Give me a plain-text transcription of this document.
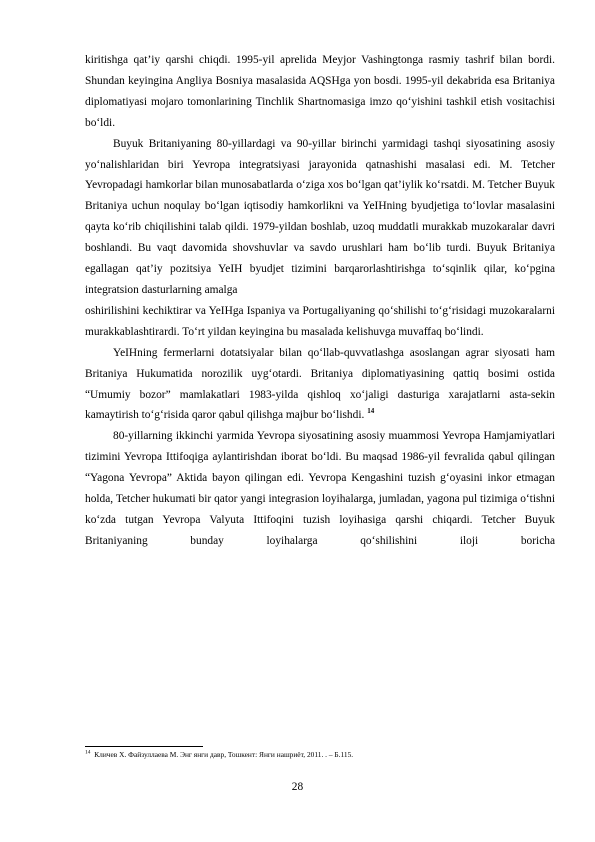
kiritishga qat’iy qarshi chiqdi. 1995-yil aprelida Meyjor Vashingtonga rasmiy tashrif bilan bordi. Shundan keyingina Angliya Bosniya masalasida AQSHga yon bosdi. 1995-yil dekabrida esa Britaniya diplomatiyasi mojaro tomonlarining Tinchlik Shartnomasiga imzo qo‘yishini tashkil etish vositachisi bo‘ldi.

Buyuk Britaniyaning 80-yillardagi va 90-yillar birinchi yarmidagi tashqi siyosatining asosiy yo‘nalishlaridan biri Yevropa integratsiyasi jarayonida qatnashishi masalasi edi. M. Tetcher Yevropadagi hamkorlar bilan munosabatlarda o‘ziga xos bo‘lgan qat’iylik ko‘rsatdi. M. Tetcher Buyuk Britaniya uchun noqulay bo‘lgan iqtisodiy hamkorlikni va YeIHning byudjetiga to‘lovlar masalasini qayta ko‘rib chiqilishini talab qildi. 1979-yildan boshlab, uzoq muddatli murakkab muzokaralar davri boshlandi. Bu vaqt davomida shovshuvlar va savdo urushlari ham bo‘lib turdi. Buyuk Britaniya egallagan qat’iy pozitsiya YeIH byudjet tizimini barqarorlashtirishga to‘sqinlik qilar, ko‘pgina integratsion dasturlarning amalga

oshirilishini kechiktirar va YeIHga Ispaniya va Portugaliyaning qo‘shilishi to‘g‘risidagi muzokaralarni murakkablashtirardi. To‘rt yildan keyingina bu masalada kelishuvga muvaffaq bo‘lindi.

YeIHning fermerlarni dotatsiyalar bilan qo‘llab-quvvatlashga asoslangan agrar siyosati ham Britaniya Hukumatida norozilik uyg‘otardi. Britaniya diplomatiyasining qattiq bosimi ostida “Umumiy bozor” mamlakatlari 1983-yilda qishloq xo‘jaligi dasturiga xarajatlarni asta-sekin kamaytirish to‘g‘risida qaror qabul qilishga majbur bo‘lishdi. $^{14}$

80-yillarning ikkinchi yarmida Yevropa siyosatining asosiy muammosi Yevropa Hamjamiyatlari tizimini Yevropa Ittifoqiga aylantirishdan iborat bo‘ldi. Bu maqsad 1986-yil fevralida qabul qilingan “Yagona Yevropa” Aktida bayon qilingan edi. Yevropa Kengashini tuzish g‘oyasini inkor etmagan holda, Tetcher hukumati bir qator yangi integrasion loyihalarga, jumladan, yagona pul tizimiga o‘tishni ko‘zda tutgan Yevropa Valyuta Ittifoqini tuzish loyihasiga qarshi chiqardi. Tetcher Buyuk Britaniyaning bunday loyihalarga qo‘shilishini iloji boricha

$^{14}$ Кличев Х. Файзуллаева М. Энг янги давр, Тошкент: Янги нашриёт, 2011. . – Б.115.
28
